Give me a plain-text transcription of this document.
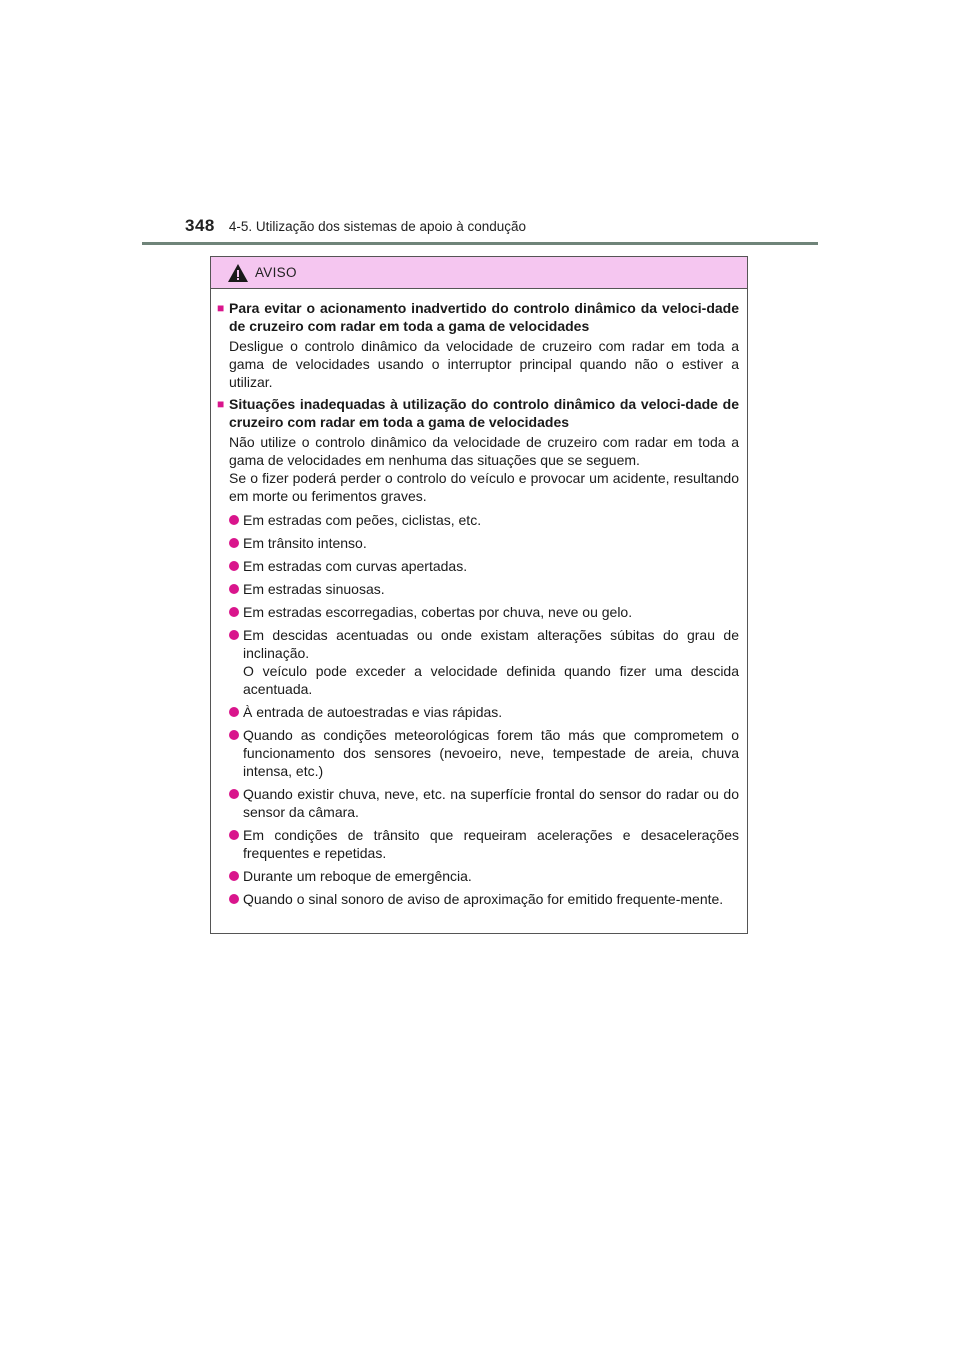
348 4-5. Utilização dos sistemas de apoio à condução
AVISO
■ Para evitar o acionamento inadvertido do controlo dinâmico da veloci-dade de cruzeiro com radar em toda a gama de velocidades
Desligue o controlo dinâmico da velocidade de cruzeiro com radar em toda a gama de velocidades usando o interruptor principal quando não o estiver a utilizar.
■ Situações inadequadas à utilização do controlo dinâmico da veloci-dade de cruzeiro com radar em toda a gama de velocidades
Não utilize o controlo dinâmico da velocidade de cruzeiro com radar em toda a gama de velocidades em nenhuma das situações que se seguem.
Se o fizer poderá perder o controlo do veículo e provocar um acidente, resultando em morte ou ferimentos graves.
Em estradas com peões, ciclistas, etc.
Em trânsito intenso.
Em estradas com curvas apertadas.
Em estradas sinuosas.
Em estradas escorregadias, cobertas por chuva, neve ou gelo.
Em descidas acentuadas ou onde existam alterações súbitas do grau de inclinação.
O veículo pode exceder a velocidade definida quando fizer uma descida acentuada.
À entrada de autoestradas e vias rápidas.
Quando as condições meteorológicas forem tão más que comprometem o funcionamento dos sensores (nevoeiro, neve, tempestade de areia, chuva intensa, etc.)
Quando existir chuva, neve, etc. na superfície frontal do sensor do radar ou do sensor da câmara.
Em condições de trânsito que requeiram acelerações e desacelerações frequentes e repetidas.
Durante um reboque de emergência.
Quando o sinal sonoro de aviso de aproximação for emitido frequente-mente.
